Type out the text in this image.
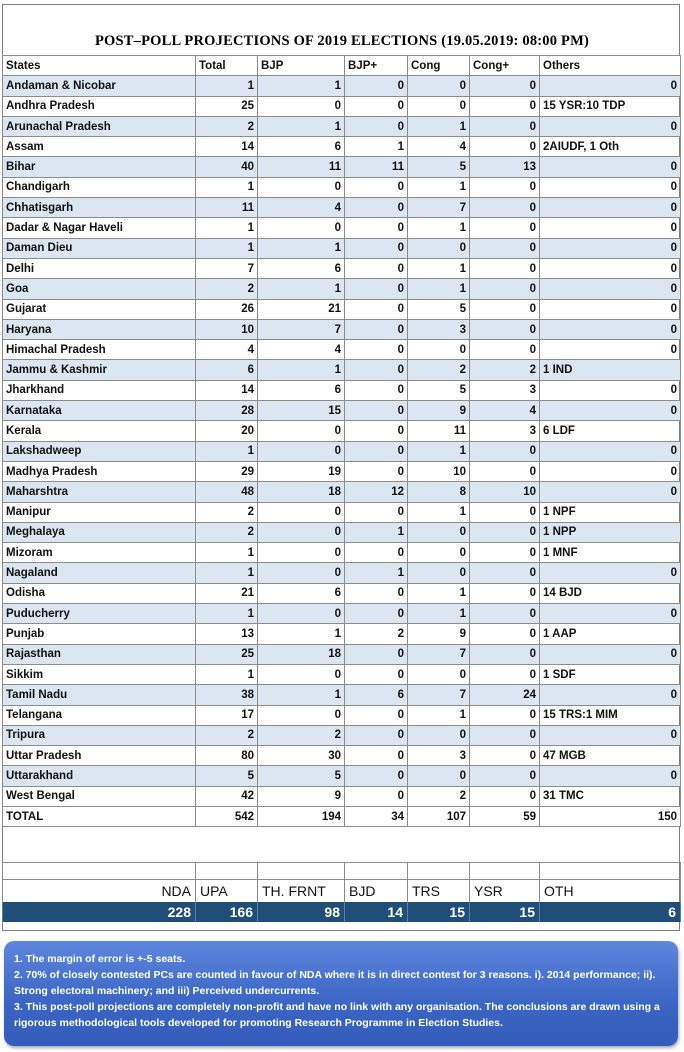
POST–POLL PROJECTIONS OF 2019 ELECTIONS (19.05.2019: 08:00 PM)
States	Total	BJP	BJP+	Cong	Cong+	Others
Andaman & Nicobar	1	1	0	0	0	0
Andhra Pradesh	25	0	0	0	0	15 YSR:10 TDP
Arunachal Pradesh	2	1	0	1	0	0
Assam	14	6	1	4	0	2AIUDF, 1 Oth
Bihar	40	11	11	5	13	0
Chandigarh	1	0	0	1	0	0
Chhatisgarh	11	4	0	7	0	0
Dadar & Nagar Haveli	1	0	0	1	0	0
Daman Dieu	1	1	0	0	0	0
Delhi	7	6	0	1	0	0
Goa	2	1	0	1	0	0
Gujarat	26	21	0	5	0	0
Haryana	10	7	0	3	0	0
Himachal Pradesh	4	4	0	0	0	0
Jammu & Kashmir	6	1	0	2	2	1 IND
Jharkhand	14	6	0	5	3	0
Karnataka	28	15	0	9	4	0
Kerala	20	0	0	11	3	6 LDF
Lakshadweep	1	0	0	1	0	0
Madhya Pradesh	29	19	0	10	0	0
Maharshtra	48	18	12	8	10	0
Manipur	2	0	0	1	0	1 NPF
Meghalaya	2	0	1	0	0	1 NPP
Mizoram	1	0	0	0	0	1 MNF
Nagaland	1	0	1	0	0	0
Odisha	21	6	0	1	0	14 BJD
Puducherry	1	0	0	1	0	0
Punjab	13	1	2	9	0	1 AAP
Rajasthan	25	18	0	7	0	0
Sikkim	1	0	0	0	0	1 SDF
Tamil Nadu	38	1	6	7	24	0
Telangana	17	0	0	1	0	15 TRS:1 MIM
Tripura	2	2	0	0	0	0
Uttar Pradesh	80	30	0	3	0	47 MGB
Uttarakhand	5	5	0	0	0	0
West Bengal	42	9	0	2	0	31 TMC
TOTAL	542	194	34	107	59	150

NDA	UPA	TH. FRNT	BJD	TRS	YSR	OTH
228	166	98	14	15	15	6

1. The margin of error is +-5 seats.

2. 70% of closely contested PCs are counted in favour of NDA where it is in direct contest for 3 reasons. i). 2014 performance; ii). Strong electoral machinery; and iii) Perceived undercurrents.

3. This post-poll projections are completely non-profit and have no link with any organisation. The conclusions are drawn using a rigorous methodological tools developed for promoting Research Programme in Election Studies.
